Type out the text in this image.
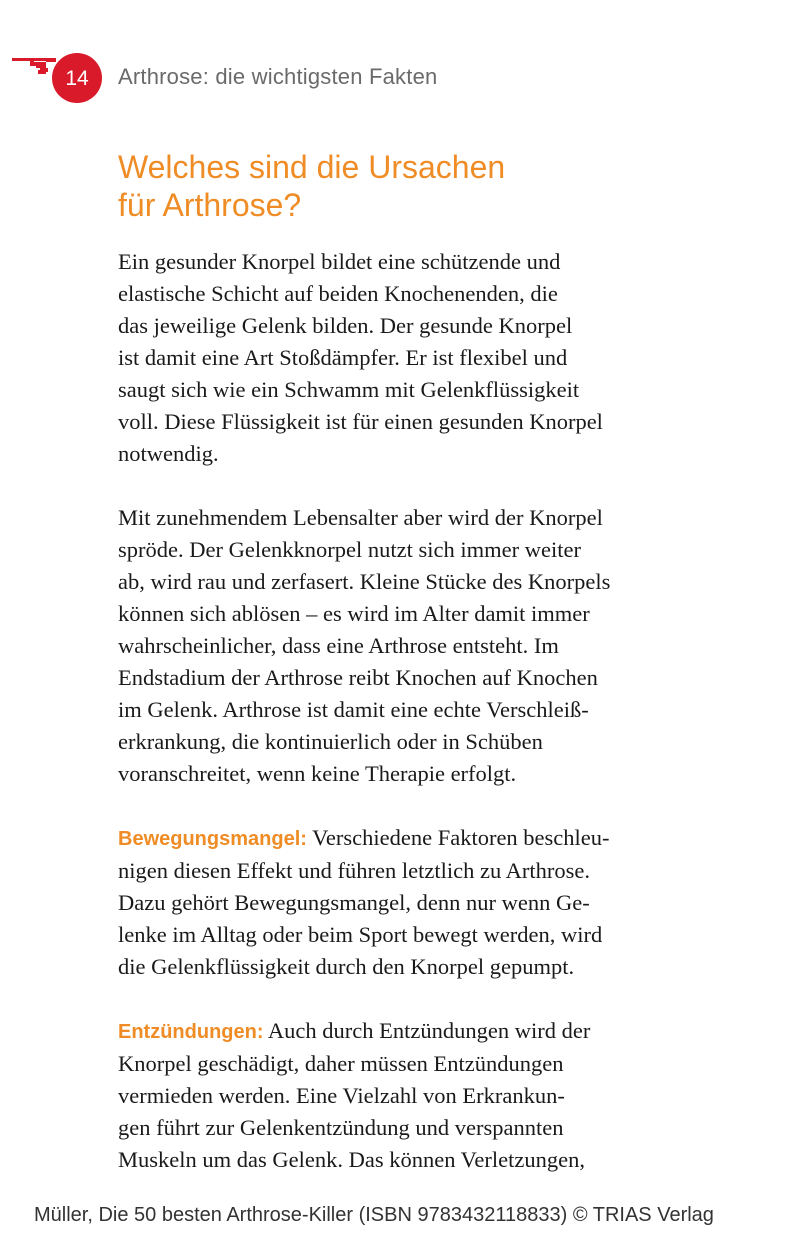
14	Arthrose: die wichtigsten Fakten
Welches sind die Ursachen
für Arthrose?

Ein gesunder Knorpel bildet eine schützende und
elastische Schicht auf beiden Knochenenden, die
das jeweilige Gelenk bilden. Der gesunde Knorpel
ist damit eine Art Stoßdämpfer. Er ist flexibel und
saugt sich wie ein Schwamm mit Gelenkflüssigkeit
voll. Diese Flüssigkeit ist für einen gesunden Knorpel
notwendig.

Mit zunehmendem Lebensalter aber wird der Knorpel
spröde. Der Gelenkknorpel nutzt sich immer weiter
ab, wird rau und zerfasert. Kleine Stücke des Knorpels
können sich ablösen – es wird im Alter damit immer
wahrscheinlicher, dass eine Arthrose entsteht. Im
Endstadium der Arthrose reibt Knochen auf Knochen
im Gelenk. Arthrose ist damit eine echte Verschleiß-
erkrankung, die kontinuierlich oder in Schüben
voranschreitet, wenn keine Therapie erfolgt.

Bewegungsmangel: Verschiedene Faktoren beschleu-
nigen diesen Effekt und führen letztlich zu Arthrose.
Dazu gehört Bewegungsmangel, denn nur wenn Ge-
lenke im Alltag oder beim Sport bewegt werden, wird
die Gelenkflüssigkeit durch den Knorpel gepumpt.

Entzündungen: Auch durch Entzündungen wird der
Knorpel geschädigt, daher müssen Entzündungen
vermieden werden. Eine Vielzahl von Erkrankun-
gen führt zur Gelenkentzündung und verspannten
Muskeln um das Gelenk. Das können Verletzungen,

Müller, Die 50 besten Arthrose-Killer (ISBN 9783432118833) © TRIAS Verlag
